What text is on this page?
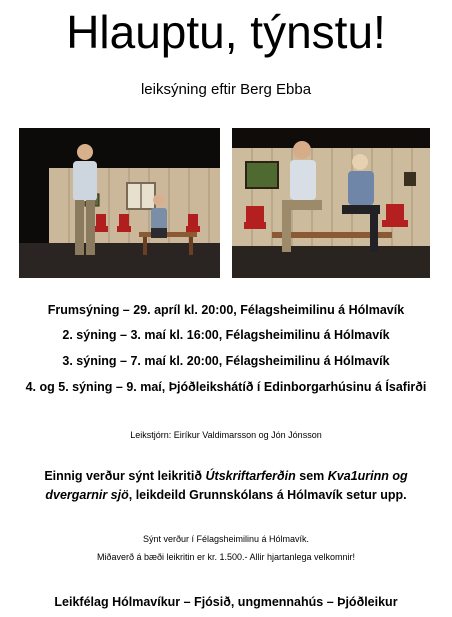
Hlauptu, týnstu!
leiksýning eftir Berg Ebba
Frumsýning – 29. apríl kl. 20:00, Félagsheimilinu á Hólmavík
2. sýning – 3. maí kl. 16:00, Félagsheimilinu á Hólmavík
3. sýning – 7. maí kl. 20:00, Félagsheimilinu á Hólmavík
4. og 5. sýning – 9. maí, Þjóðleikshátíð í Edinborgarhúsinu á Ísafirði
Leikstjórn: Eiríkur Valdimarsson og Jón Jónsson
Einnig verður sýnt leikritið Útskriftarferðin sem Kva1urinn og dvergarnir sjö, leikdeild Grunnskólans á Hólmavík setur upp.
Sýnt verður í Félagsheimilinu á Hólmavík.
Miðaverð á bæði leikritin er kr. 1.500.- Allir hjartanlega velkomnir!
Leikfélag Hólmavíkur – Fjósið, ungmennahús – Þjóðleikur
